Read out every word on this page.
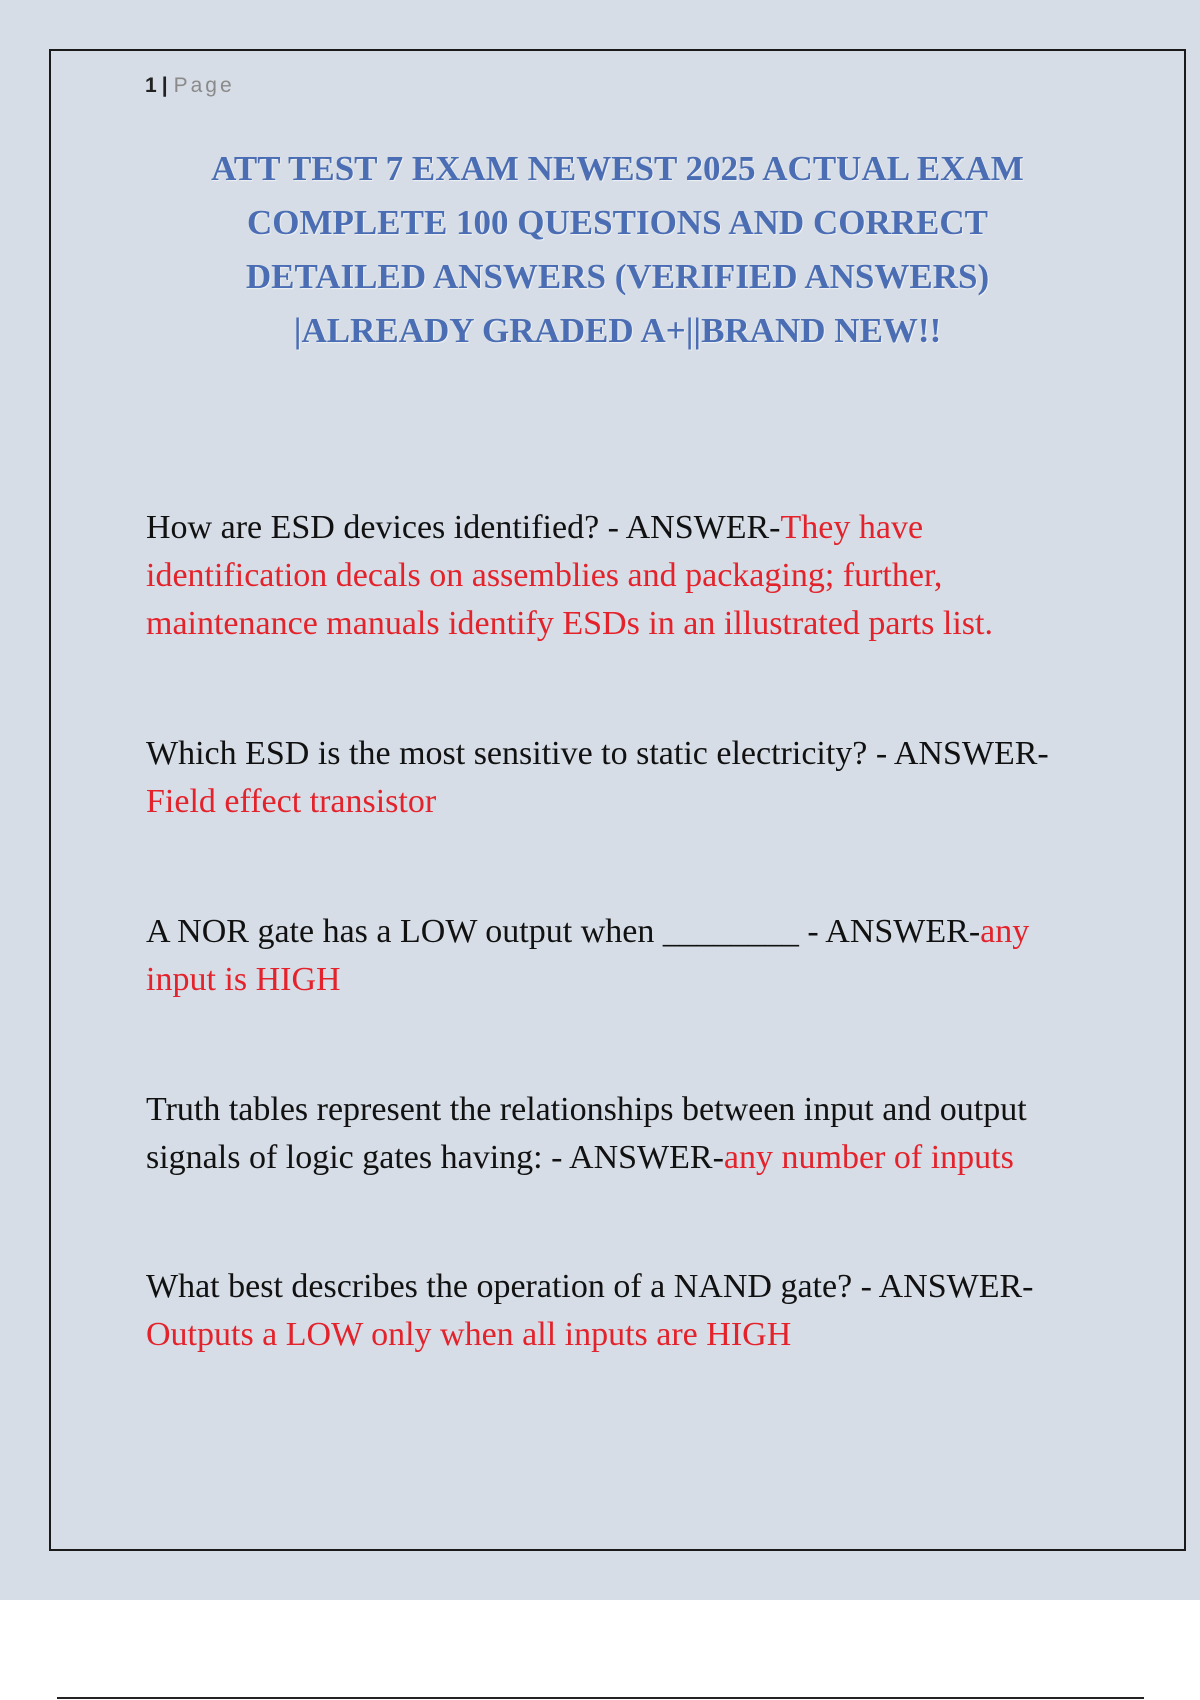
1 | Page
ATT TEST 7 EXAM NEWEST 2025 ACTUAL EXAM
COMPLETE 100 QUESTIONS AND CORRECT
DETAILED ANSWERS (VERIFIED ANSWERS)
|ALREADY GRADED A+||BRAND NEW!!
How are ESD devices identified? - ANSWER-They have identification decals on assemblies and packaging; further, maintenance manuals identify ESDs in an illustrated parts list.
Which ESD is the most sensitive to static electricity? - ANSWER-Field effect transistor
A NOR gate has a LOW output when ________ - ANSWER-any input is HIGH
Truth tables represent the relationships between input and output signals of logic gates having: - ANSWER-any number of inputs
What best describes the operation of a NAND gate? - ANSWER-Outputs a LOW only when all inputs are HIGH
